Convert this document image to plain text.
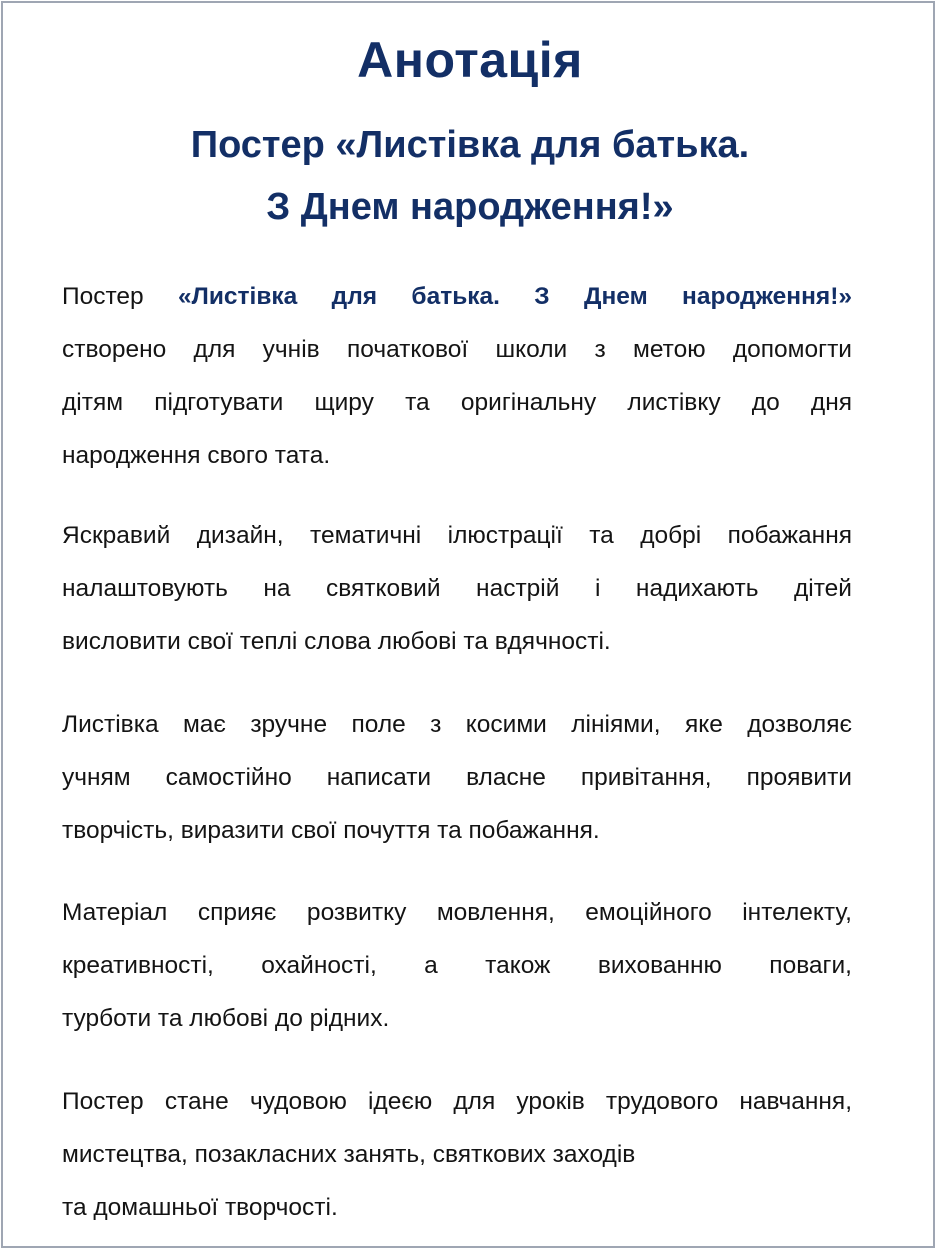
Анотація
Постер «Листівка для батька.
З Днем народження!»
Постер «Листівка для батька. З Днем народження!»
створено для учнів початкової школи з метою допомогти
дітям підготувати щиру та оригінальну листівку до дня
народження свого тата.
Яскравий дизайн, тематичні ілюстрації та добрі побажання
налаштовують на святковий настрій і надихають дітей
висловити свої теплі слова любові та вдячності.
Листівка має зручне поле з косими лініями, яке дозволяє
учням самостійно написати власне привітання, проявити
творчість, виразити свої почуття та побажання.
Матеріал сприяє розвитку мовлення, емоційного інтелекту,
креативності, охайності, а також вихованню поваги,
турботи та любові до рідних.
Постер стане чудовою ідеєю для уроків трудового навчання,
мистецтва, позакласних занять, святкових заходів
та домашньої творчості.
